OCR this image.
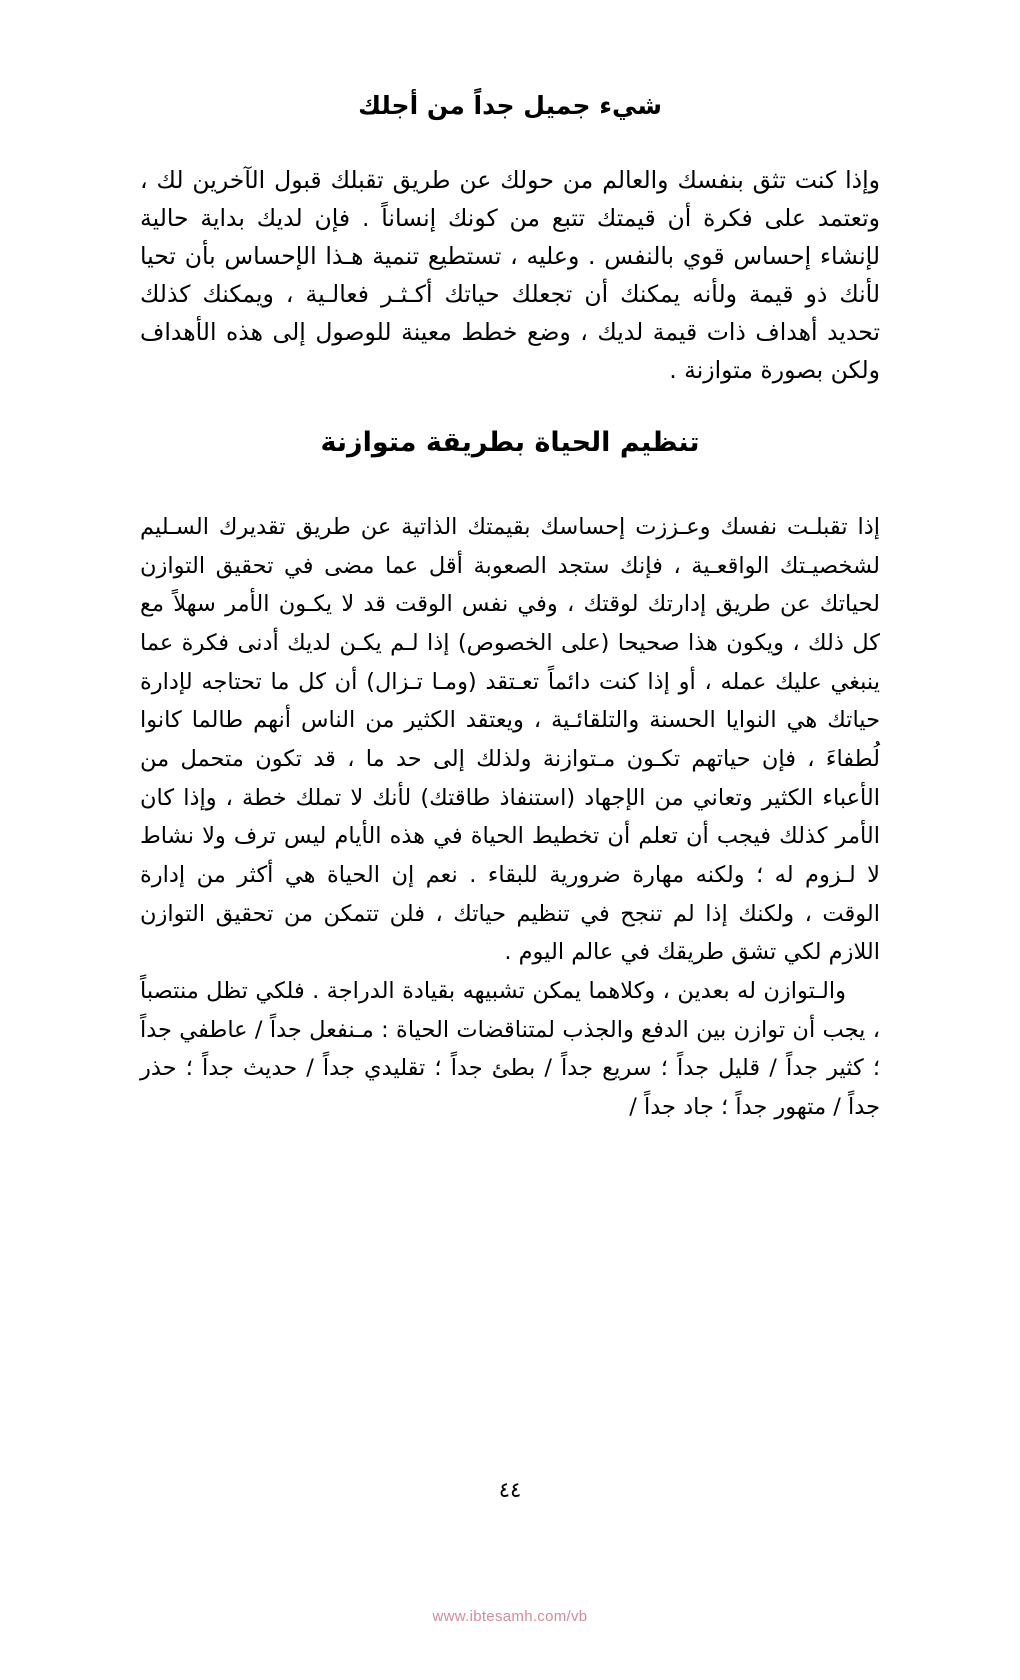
شيء جميل جداً من أجلك

وإذا كنت تثق بنفسك والعالم من حولك عن طريق تقبلك قبول الآخرين لك ، وتعتمد على فكرة أن قيمتك تتبع من كونك إنساناً . فإن لديك بداية حالية لإنشاء إحساس قوي بالنفس . وعليه ، تستطيع تنمية هـذا الإحساس بأن تحيا لأنك ذو قيمة ولأنه يمكنك أن تجعلك حياتك أكـثـر فعالـية ، ويمكنك كذلك تحديد أهداف ذات قيمة لديك ، وضع خطط معينة للوصول إلى هذه الأهداف ولكن بصورة متوازنة .

تنظيم الحياة بطريقة متوازنة

إذا تقبلـت نفسك وعـززت إحساسك بقيمتك الذاتية عن طريق تقديرك السـليم لشخصيـتك الواقعـية ، فإنك ستجد الصعوبة أقل عما مضى في تحقيق التوازن لحياتك عن طريق إدارتك لوقتك ، وفي نفس الوقت قد لا يكـون الأمر سهلاً مع كل ذلك ، ويكون هذا صحيحا (على الخصوص) إذا لـم يكـن لديك أدنى فكرة عما ينبغي عليك عمله ، أو إذا كنت دائماً تعـتقد (ومـا تـزال) أن كل ما تحتاجه لإدارة حياتك هي النوايا الحسنة والتلقائـية ، ويعتقد الكثير من الناس أنهم طالما كانوا لُطفاءَ ، فإن حياتهم تكـون مـتوازنة ولذلك إلى حد ما ، قد تكون متحمل من الأعباء الكثير وتعاني من الإجهاد (استنفاذ طاقتك) لأنك لا تملك خطة ، وإذا كان الأمر كذلك فيجب أن تعلم أن تخطيط الحياة في هذه الأيام ليس ترف ولا نشاط لا لـزوم له ؛ ولكنه مهارة ضرورية للبقاء . نعم إن الحياة هي أكثر من إدارة الوقت ، ولكنك إذا لم تنجح في تنظيم حياتك ، فلن تتمكن من تحقيق التوازن اللازم لكي تشق طريقك في عالم اليوم .

والـتوازن له بعدين ، وكلاهما يمكن تشبيهه بقيادة الدراجة . فلكي تظل منتصباً ، يجب أن توازن بين الدفع والجذب لمتناقضات الحياة : مـنفعل جداً / عاطفي جداً ؛ كثير جداً / قليل جداً ؛ سريع جداً / بطئ جداً ؛ تقليدي جداً / حديث جداً ؛ حذر جداً / متهور جداً ؛ جاد جداً /

٤٤
www.ibtesamh.com/vb
